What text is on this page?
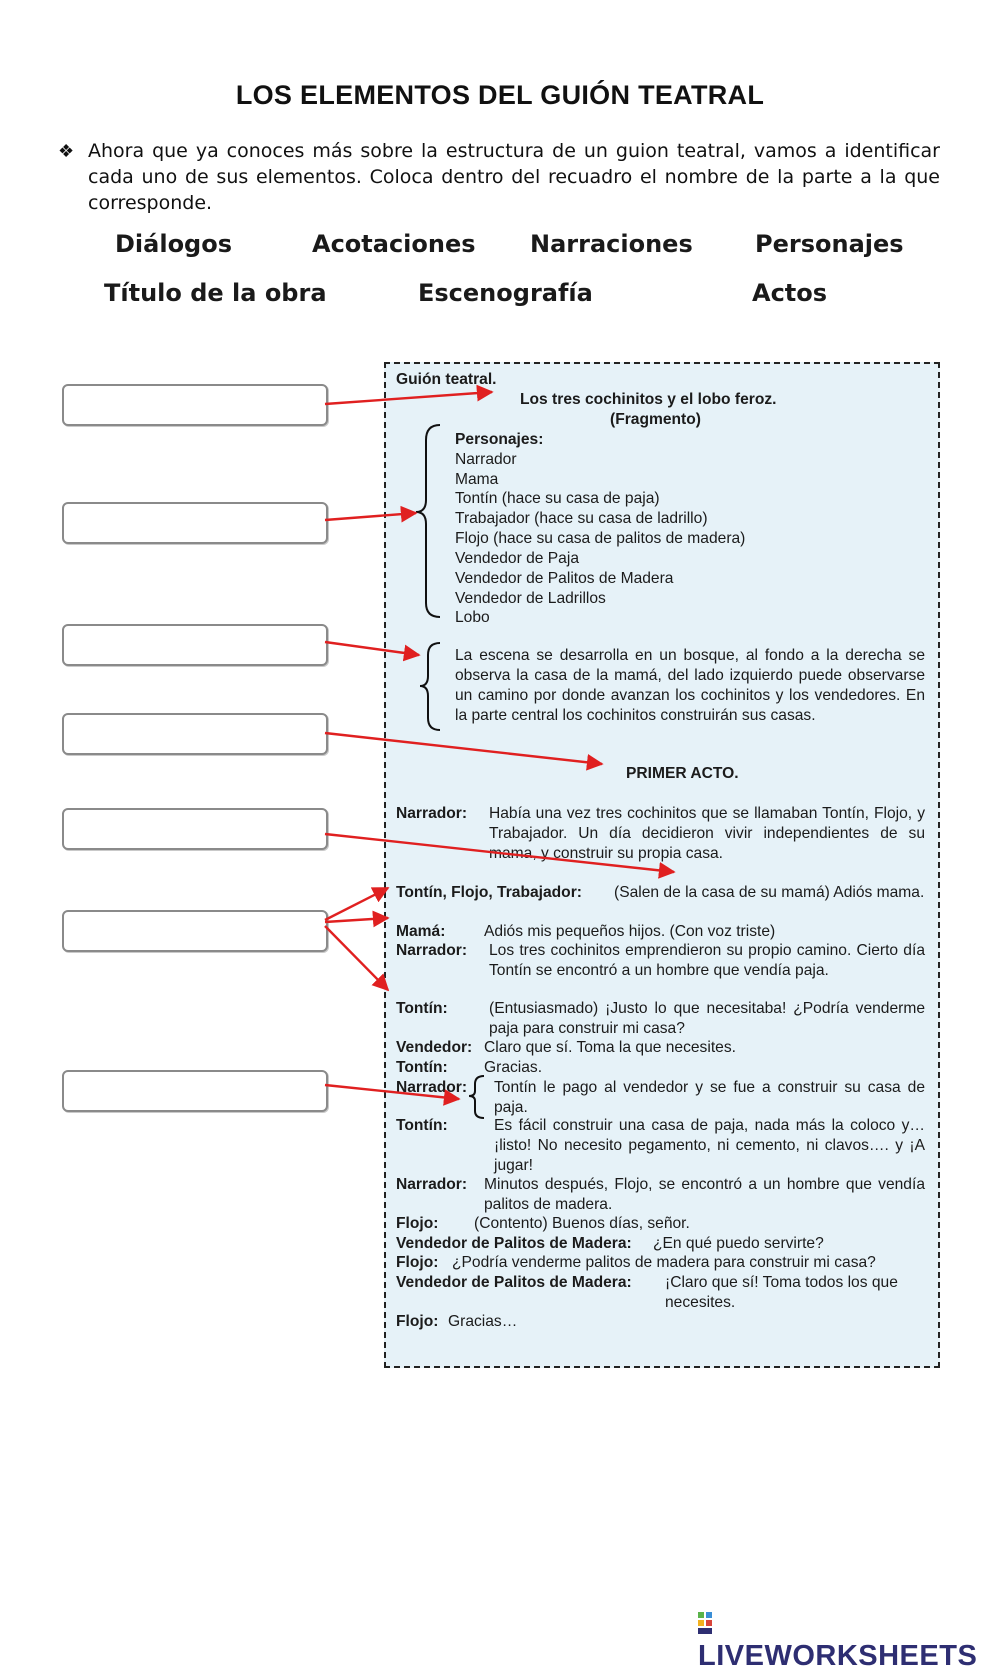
LOS ELEMENTOS DEL GUIÓN TEATRAL
❖ Ahora que ya conoces más sobre la estructura de un guion teatral, vamos a identificar cada uno de sus elementos. Coloca dentro del recuadro el nombre de la parte a la que corresponde.
Diálogos	Acotaciones Narraciones	Personajes
Título de la obra	Escenografía	Actos
Guión teatral.
Los tres cochinitos y el lobo feroz.
(Fragmento)
Personajes:
Narrador
Mama
Tontín (hace su casa de paja)
Trabajador (hace su casa de ladrillo)
Flojo (hace su casa de palitos de madera)
Vendedor de Paja
Vendedor de Palitos de Madera
Vendedor de Ladrillos
Lobo
La escena se desarrolla en un bosque, al fondo a la derecha se observa la casa de la mamá, del lado izquierdo puede observarse un camino por donde avanzan los cochinitos y los vendedores. En la parte central los cochinitos construirán sus casas.
PRIMER ACTO.
Narrador: Había una vez tres cochinitos que se llamaban Tontín, Flojo, y Trabajador. Un día decidieron vivir independientes de su mama, y construir su propia casa.
Tontín, Flojo, Trabajador: (Salen de la casa de su mamá) Adiós mama.
Mamá: Adiós mis pequeños hijos. (Con voz triste)
Narrador: Los tres cochinitos emprendieron su propio camino. Cierto día Tontín se encontró a un hombre que vendía paja.
Tontín:	(Entusiasmado) ¡Justo lo que necesitaba! ¿Podría venderme paja para construir mi casa?
Vendedor: Claro que sí. Toma la que necesites.
Tontín: Gracias.
Narrador: Tontín le pago al vendedor y se fue a construir su casa de paja.
Tontín:	Es fácil construir una casa de paja, nada más la coloco y… ¡listo! No necesito pegamento, ni cemento, ni clavos…. y ¡A jugar!
Narrador: Minutos después, Flojo, se encontró a un hombre que vendía palitos de madera.
Flojo: (Contento) Buenos días, señor.
Vendedor de Palitos de Madera: ¿En qué puedo servirte?
Flojo: ¿Podría venderme palitos de madera para construir mi casa?
Vendedor de Palitos de Madera: ¡Claro que sí! Toma todos los que necesites.
Flojo: Gracias…
LIVEWORKSHEETS
